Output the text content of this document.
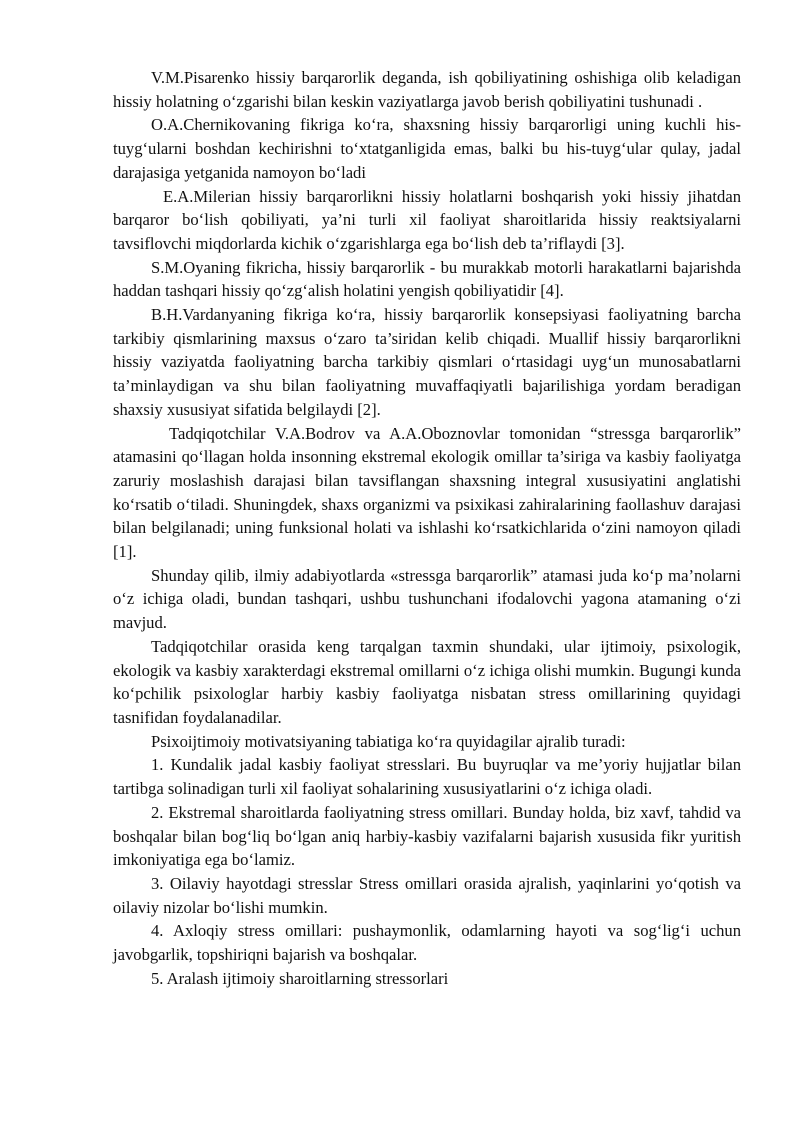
V.M.Pisarenko hissiy barqarorlik deganda, ish qobiliyatining oshishiga olib keladigan hissiy holatning o‘zgarishi bilan keskin vaziyatlarga javob berish qobiliyatini tushunadi .

O.A.Chernikovaning fikriga ko‘ra, shaxsning hissiy barqarorligi uning kuchli his-tuyg‘ularni boshdan kechirishni to‘xtatganligida emas, balki bu his-tuyg‘ular qulay, jadal darajasiga yetganida namoyon bo‘ladi

E.A.Milerian hissiy barqarorlikni hissiy holatlarni boshqarish yoki hissiy jihatdan barqaror bo‘lish qobiliyati, ya’ni turli xil faoliyat sharoitlarida hissiy reaktsiyalarni tavsiflovchi miqdorlarda kichik o‘zgarishlarga ega bo‘lish deb ta’riflaydi [3].

S.M.Oyaning fikricha, hissiy barqarorlik - bu murakkab motorli harakatlarni bajarishda haddan tashqari hissiy qo‘zg‘alish holatini yengish qobiliyatidir [4].

B.H.Vardanyaning fikriga ko‘ra, hissiy barqarorlik konsepsiyasi faoliyatning barcha tarkibiy qismlarining maxsus o‘zaro ta’siridan kelib chiqadi. Muallif hissiy barqarorlikni hissiy vaziyatda faoliyatning barcha tarkibiy qismlari o‘rtasidagi uyg‘un munosabatlarni ta’minlaydigan va shu bilan faoliyatning muvaffaqiyatli bajarilishiga yordam beradigan shaxsiy xususiyat sifatida belgilaydi [2].

Tadqiqotchilar V.A.Bodrov va A.A.Oboznovlar tomonidan “stressga barqarorlik” atamasini qo‘llagan holda insonning ekstremal ekologik omillar ta’siriga va kasbiy faoliyatga zaruriy moslashish darajasi bilan tavsiflangan shaxsning integral xususiyatini anglatishi ko‘rsatib o‘tiladi. Shuningdek, shaxs organizmi va psixikasi zahiralarining faollashuv darajasi bilan belgilanadi; uning funksional holati va ishlashi ko‘rsatkichlarida o‘zini namoyon qiladi [1].

Shunday qilib, ilmiy adabiyotlarda «stressga barqarorlik” atamasi juda ko‘p ma’nolarni o‘z ichiga oladi, bundan tashqari, ushbu tushunchani ifodalovchi yagona atamaning o‘zi mavjud.

Tadqiqotchilar orasida keng tarqalgan taxmin shundaki, ular ijtimoiy, psixologik, ekologik va kasbiy xarakterdagi ekstremal omillarni o‘z ichiga olishi mumkin. Bugungi kunda ko‘pchilik psixologlar harbiy kasbiy faoliyatga nisbatan stress omillarining quyidagi tasnifidan foydalanadilar.

Psixoijtimoiy motivatsiyaning tabiatiga ko‘ra quyidagilar ajralib turadi:

1. Kundalik jadal kasbiy faoliyat stresslari. Bu buyruqlar va me’yoriy hujjatlar bilan tartibga solinadigan turli xil faoliyat sohalarining xususiyatlarini o‘z ichiga oladi.

2. Ekstremal sharoitlarda faoliyatning stress omillari. Bunday holda, biz xavf, tahdid va boshqalar bilan bog‘liq bo‘lgan aniq harbiy-kasbiy vazifalarni bajarish xususida fikr yuritish imkoniyatiga ega bo‘lamiz.

3. Oilaviy hayotdagi stresslar Stress omillari orasida ajralish, yaqinlarini yo‘qotish va oilaviy nizolar bo‘lishi mumkin.

4. Axloqiy stress omillari: pushaymonlik, odamlarning hayoti va sog‘lig‘i uchun javobgarlik, topshiriqni bajarish va boshqalar.

5. Aralash ijtimoiy sharoitlarning stressorlari
